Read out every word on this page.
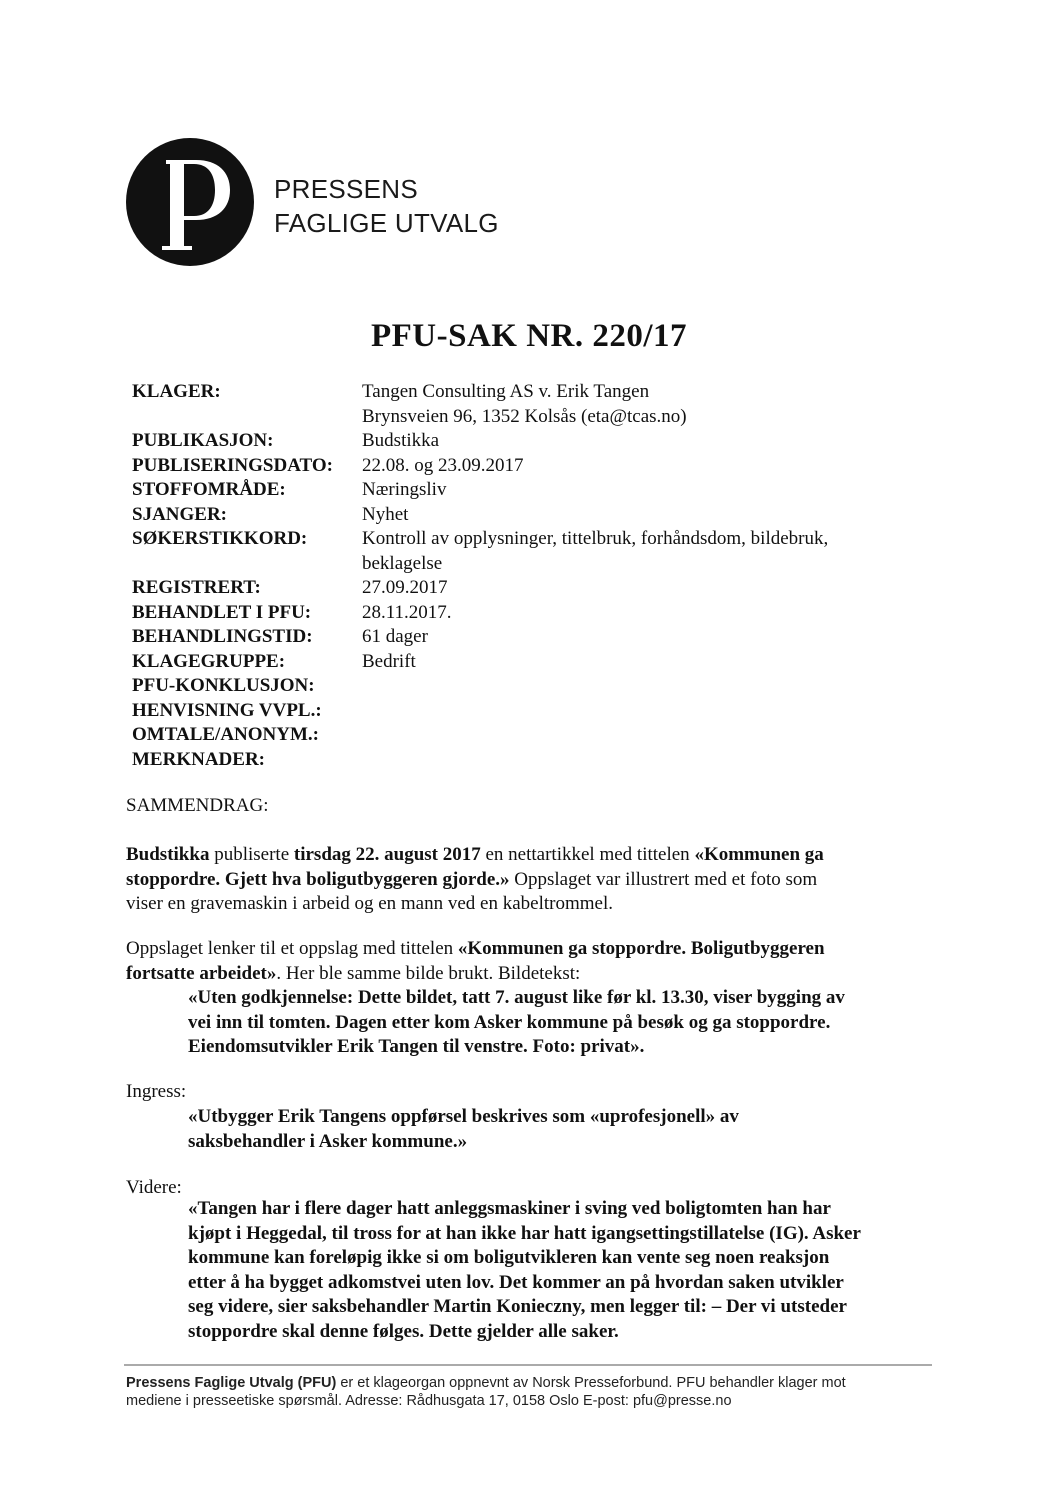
PRESSENS
FAGLIGE UTVALG
PFU-SAK NR. 220/17
KLAGER:	Tangen Consulting AS v. Erik Tangen
Brynsveien 96, 1352 Kolsås (eta@tcas.no)
PUBLIKASJON:	Budstikka
PUBLISERINGSDATO:	22.08. og 23.09.2017
STOFFOMRÅDE:	Næringsliv
SJANGER:	Nyhet
SØKERSTIKKORD:	Kontroll av opplysninger, tittelbruk, forhåndsdom, bildebruk,
beklagelse
REGISTRERT:	27.09.2017
BEHANDLET I PFU:	28.11.2017.
BEHANDLINGSTID:	61 dager
KLAGEGRUPPE:	Bedrift
PFU-KONKLUSJON:
HENVISNING VVPL.:
OMTALE/ANONYM.:
MERKNADER:

SAMMENDRAG:

Budstikka publiserte tirsdag 22. august 2017 en nettartikkel med tittelen «Kommunen ga
stoppordre. Gjett hva boligutbyggeren gjorde.» Oppslaget var illustrert med et foto som
viser en gravemaskin i arbeid og en mann ved en kabeltrommel.
Oppslaget lenker til et oppslag med tittelen «Kommunen ga stoppordre. Boligutbyggeren
fortsatte arbeidet». Her ble samme bilde brukt. Bildetekst:
«Uten godkjennelse: Dette bildet, tatt 7. august like før kl. 13.30, viser bygging av
vei inn til tomten. Dagen etter kom Asker kommune på besøk og ga stoppordre.
Eiendomsutvikler Erik Tangen til venstre. Foto: privat».

Ingress:

«Utbygger Erik Tangens oppførsel beskrives som «uprofesjonell» av
saksbehandler i Asker kommune.»

Videre:

«Tangen har i flere dager hatt anleggsmaskiner i sving ved boligtomten han har
kjøpt i Heggedal, til tross for at han ikke har hatt igangsettingstillatelse (IG). Asker
kommune kan foreløpig ikke si om boligutvikleren kan vente seg noen reaksjon
etter å ha bygget adkomstvei uten lov. Det kommer an på hvordan saken utvikler
seg videre, sier saksbehandler Martin Konieczny, men legger til: – Der vi utsteder
stoppordre skal denne følges. Dette gjelder alle saker.
Pressens Faglige Utvalg (PFU) er et klageorgan oppnevnt av Norsk Presseforbund. PFU behandler klager mot
mediene i presseetiske spørsmål. Adresse: Rådhusgata 17, 0158 Oslo E-post: pfu@presse.no
